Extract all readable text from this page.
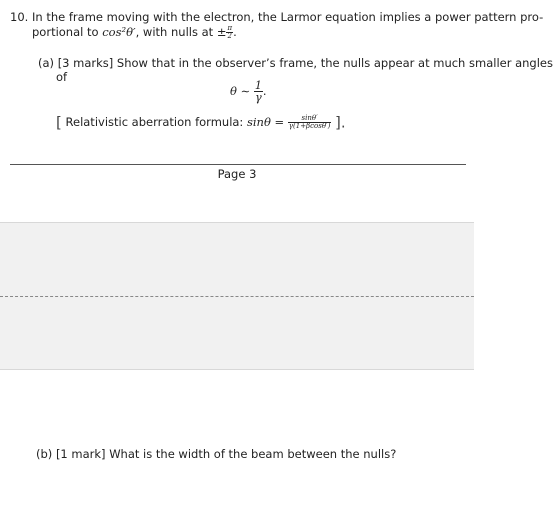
10. In the frame moving with the electron, the Larmor equation implies a power pattern pro-
portional to cos²θ′, with nulls at ± $\frac{\pi}{2}$ .
(a) [3 marks] Show that in the observer’s frame, the nulls appear at much smaller angles
of
θ ∼ $\frac{1}{\gamma}$ .
[ Relativistic aberration formula: $\sin\theta = \frac{\sin\theta'}{\gamma(1+\beta\cos\theta')}$ ].
Page 3
(b) [1 mark] What is the width of the beam between the nulls?
